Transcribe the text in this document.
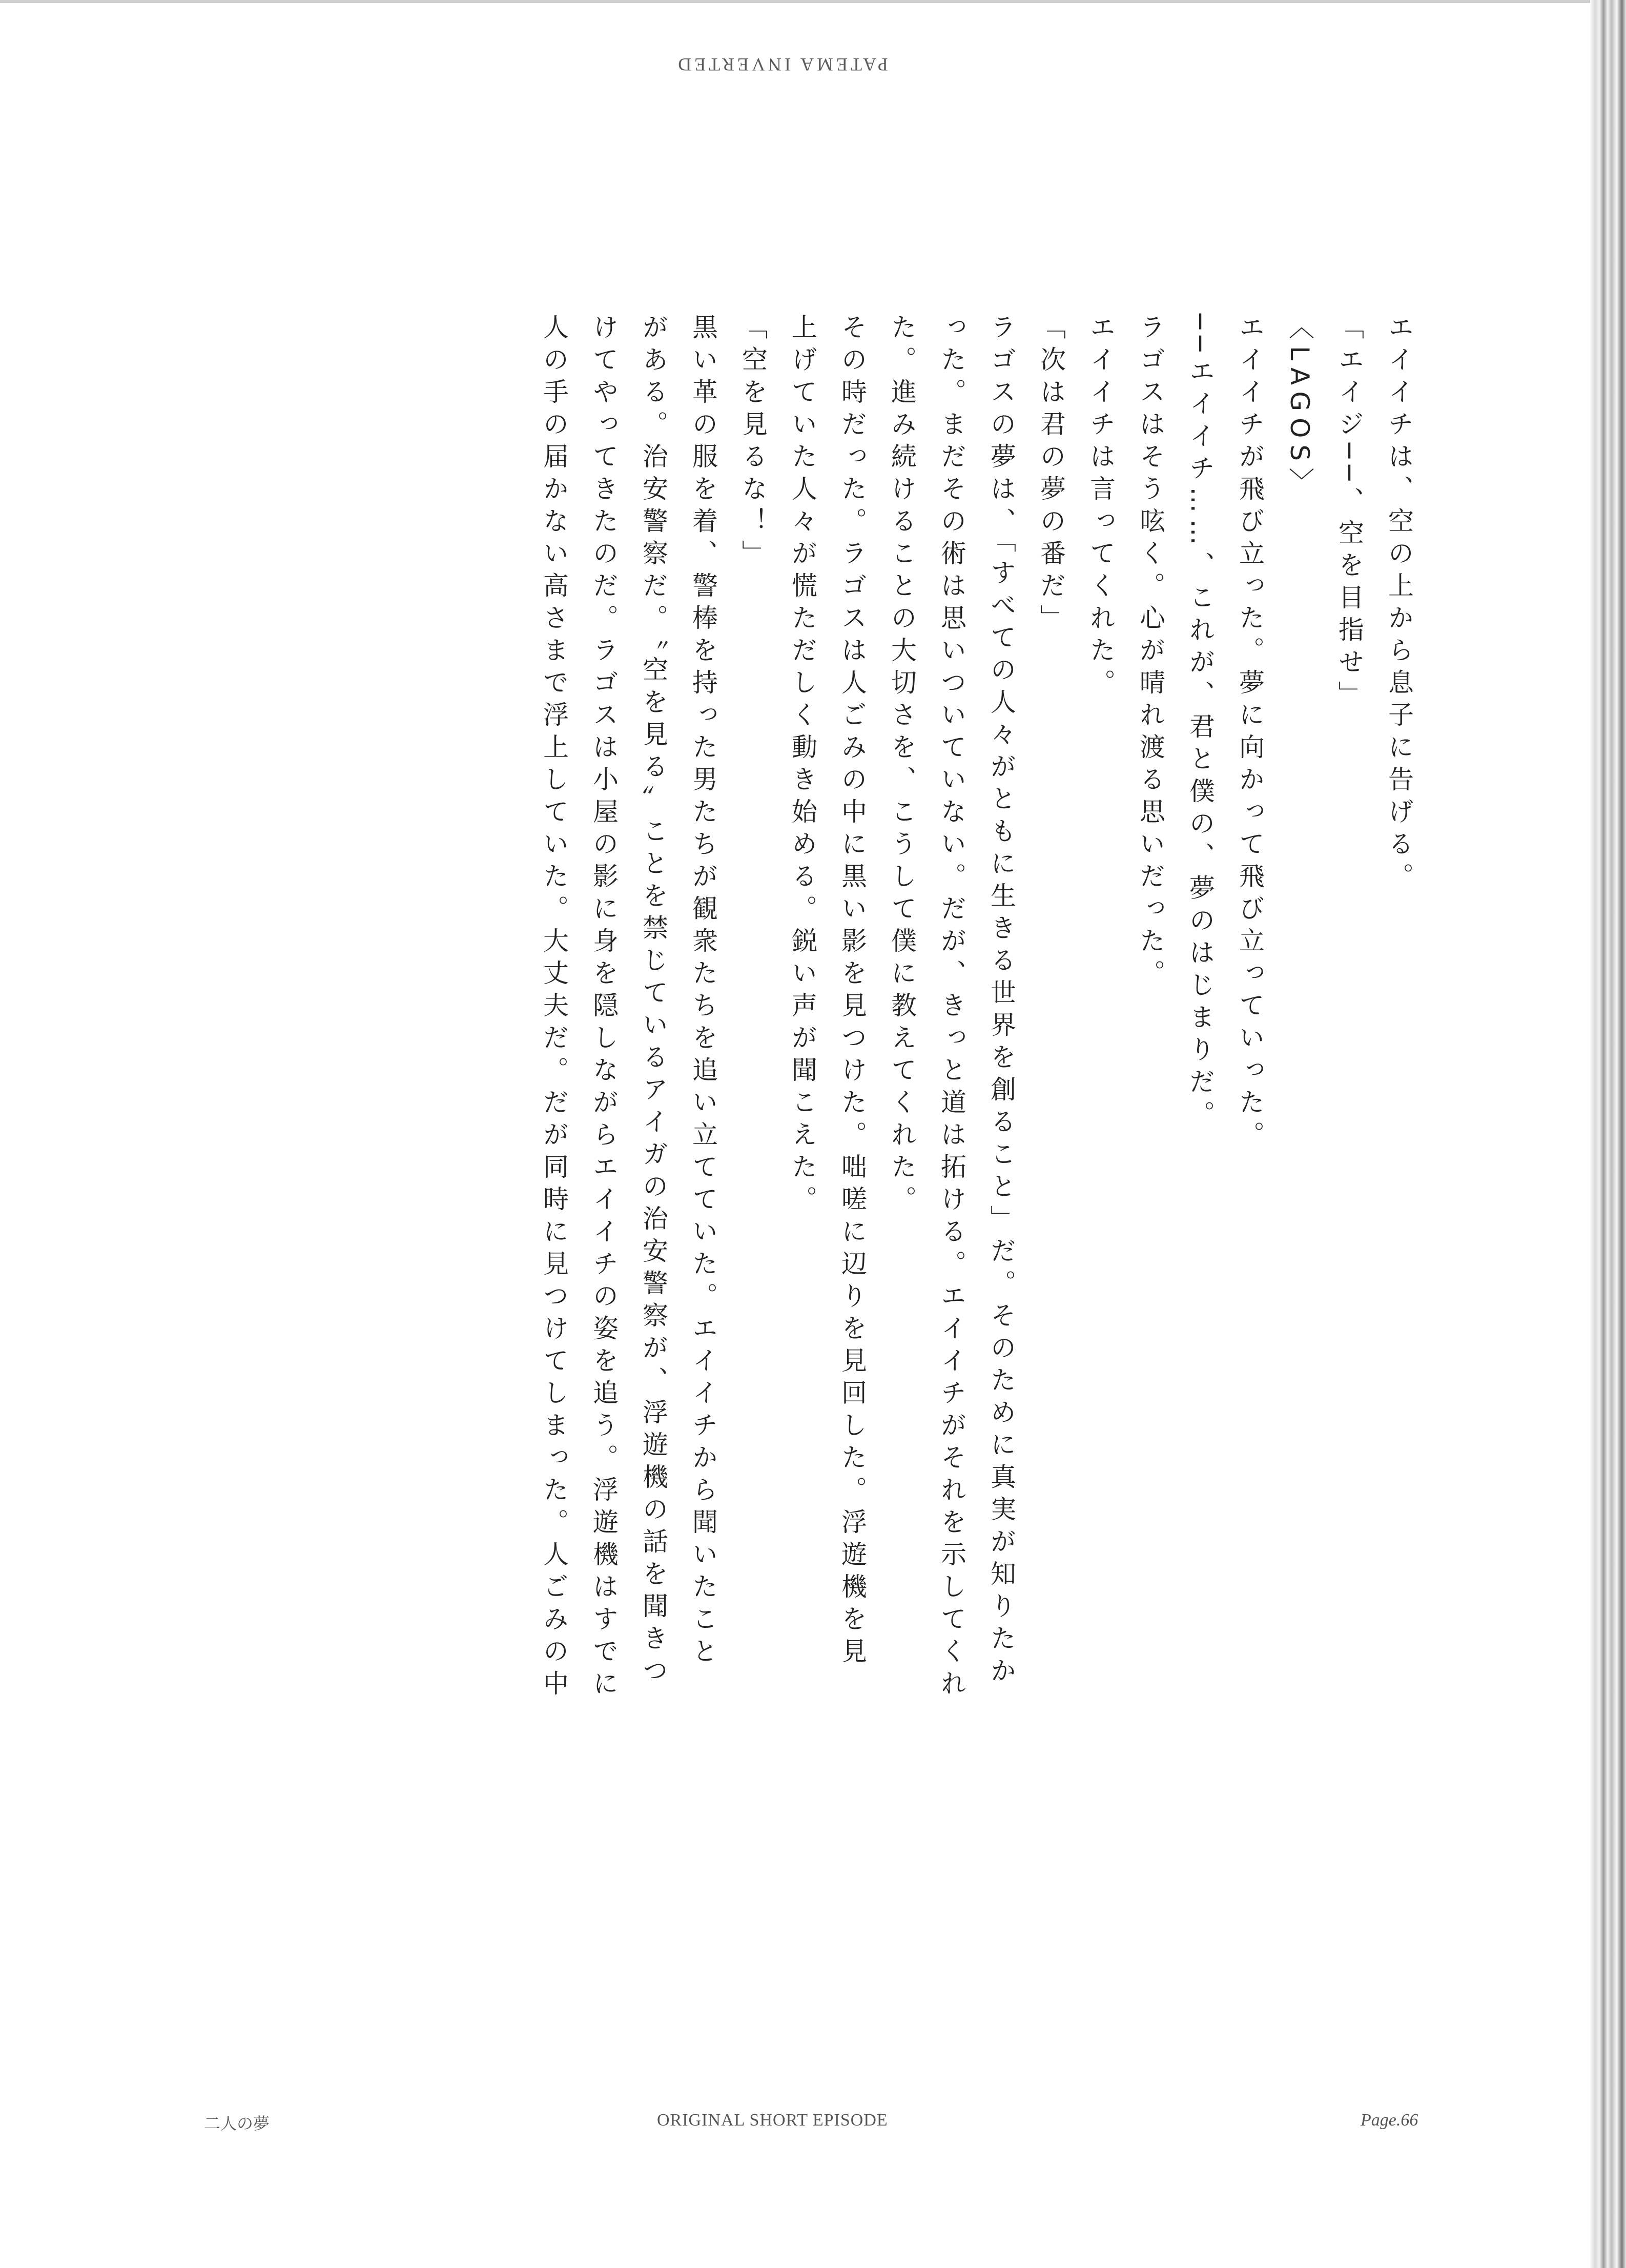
PATEMA INVERTED
エイイチは、空の上から息子に告げる。
「エイジ──、空を目指せ」
〈LAGOS〉
エイイチが飛び立った。夢に向かって飛び立っていった。
──エイイチ……、これが、君と僕の、夢のはじまりだ。
ラゴスはそう呟く。心が晴れ渡る思いだった。
エイイチは言ってくれた。
「次は君の夢の番だ」
ラゴスの夢は、「すべての人々がともに生きる世界を創ること」だ。そのために真実が知りたか
った。まだその術は思いついていない。だが、きっと道は拓ける。エイイチがそれを示してくれ
た。進み続けることの大切さを、こうして僕に教えてくれた。
その時だった。ラゴスは人ごみの中に黒い影を見つけた。咄嗟に辺りを見回した。浮遊機を見
上げていた人々が慌ただしく動き始める。鋭い声が聞こえた。
「空を見るな！」
黒い革の服を着、警棒を持った男たちが観衆たちを追い立てていた。エイイチから聞いたこと
がある。治安警察だ。〝空を見る〟ことを禁じているアイガの治安警察が、浮遊機の話を聞きつ
けてやってきたのだ。ラゴスは小屋の影に身を隠しながらエイイチの姿を追う。浮遊機はすでに
人の手の届かない高さまで浮上していた。大丈夫だ。だが同時に見つけてしまった。人ごみの中
二人の夢	ORIGINAL SHORT EPISODE	Page.66
